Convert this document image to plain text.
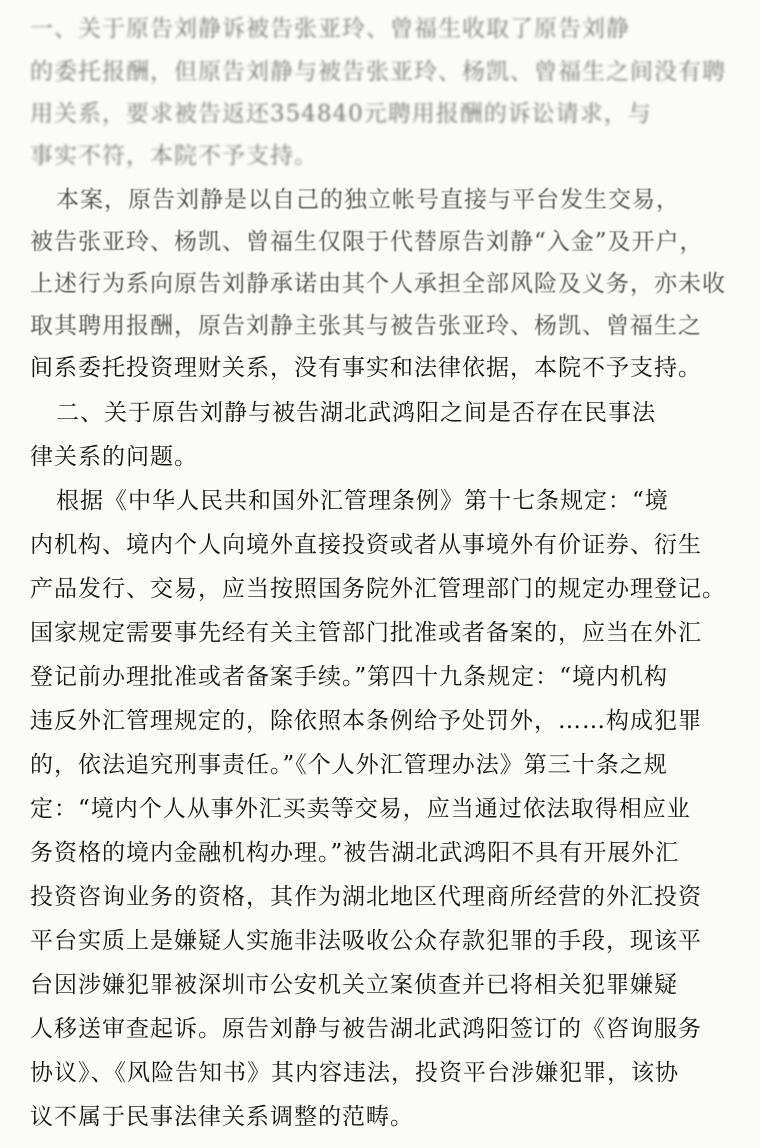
一、关于原告刘静诉被告张亚玲、曾福生收取了原告刘静
的委托报酬，但原告刘静与被告张亚玲、杨凯、曾福生之间没有聘
用关系，要求被告返还354840元聘用报酬的诉讼请求，与
事实不符，本院不予支持。
本案，原告刘静是以自己的独立帐号直接与平台发生交易，
被告张亚玲、杨凯、曾福生仅限于代替原告刘静“入金”及开户，
上述行为系向原告刘静承诺由其个人承担全部风险及义务，亦未收
取其聘用报酬，原告刘静主张其与被告张亚玲、杨凯、曾福生之
间系委托投资理财关系，没有事实和法律依据，本院不予支持。
二、关于原告刘静与被告湖北武鸿阳之间是否存在民事法
律关系的问题。
根据《中华人民共和国外汇管理条例》第十七条规定：“境
内机构、境内个人向境外直接投资或者从事境外有价证券、衍生
产品发行、交易，应当按照国务院外汇管理部门的规定办理登记。
国家规定需要事先经有关主管部门批准或者备案的，应当在外汇
登记前办理批准或者备案手续。”第四十九条规定：“境内机构
违反外汇管理规定的，除依照本条例给予处罚外，……构成犯罪
的，依法追究刑事责任。”《个人外汇管理办法》第三十条之规
定：“境内个人从事外汇买卖等交易，应当通过依法取得相应业
务资格的境内金融机构办理。”被告湖北武鸿阳不具有开展外汇
投资咨询业务的资格，其作为湖北地区代理商所经营的外汇投资
平台实质上是嫌疑人实施非法吸收公众存款犯罪的手段，现该平
台因涉嫌犯罪被深圳市公安机关立案侦查并已将相关犯罪嫌疑
人移送审查起诉。原告刘静与被告湖北武鸿阳签订的《咨询服务
协议》、《风险告知书》其内容违法，投资平台涉嫌犯罪，该协
议不属于民事法律关系调整的范畴。
